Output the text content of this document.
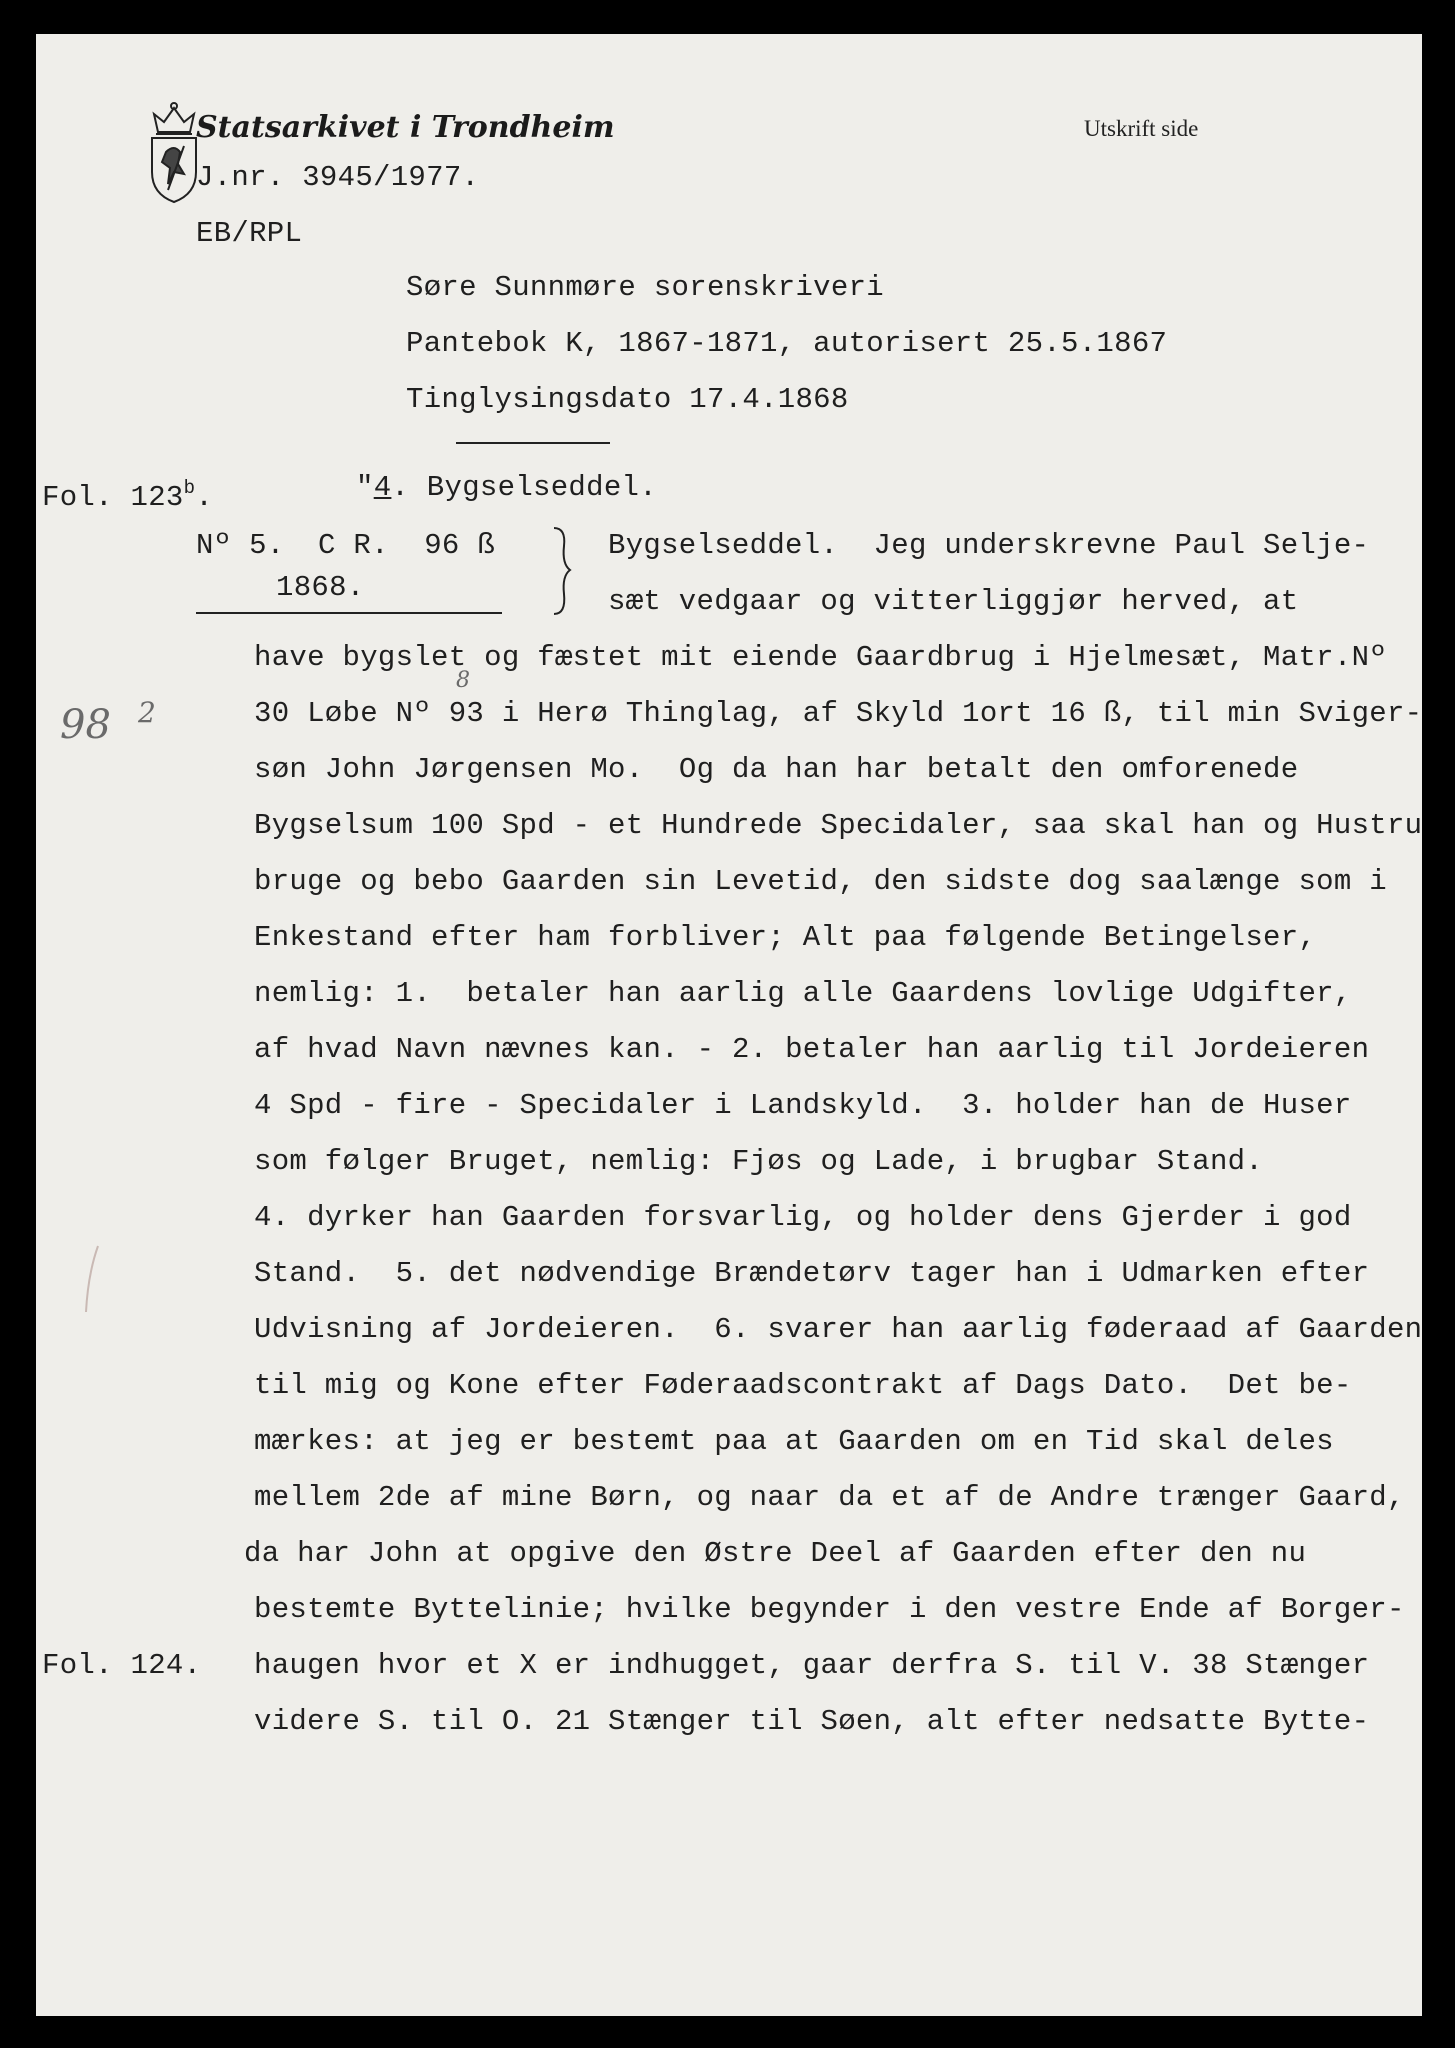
Statsarkivet i Trondheim	Utskrift side
J.nr. 3945/1977.
EB/RPL
Søre Sunnmøre sorenskriveri
Pantebok K, 1867-1871, autorisert 25.5.1867
Tinglysingsdato 17.4.1868
Fol. 123$^b$.	"4. Bygselseddel.
Nº 5. C R.  96 ß
1868.
Bygselseddel.  Jeg underskrevne Paul Selje-
sæt vedgaar og vitterliggjør herved, at
have bygslet og fæstet mit eiende Gaardbrug i Hjelmesæt, Matr.Nº
30 Løbe Nº 93 i Herø Thinglag, af Skyld 1ort 16 ß, til min Sviger-
søn John Jørgensen Mo.  Og da han har betalt den omforenede
Bygselsum 100 Spd - et Hundrede Specidaler, saa skal han og Hustru
bruge og bebo Gaarden sin Levetid, den sidste dog saalænge som i
Enkestand efter ham forbliver; Alt paa følgende Betingelser,
nemlig: 1.  betaler han aarlig alle Gaardens lovlige Udgifter,
af hvad Navn nævnes kan. - 2. betaler han aarlig til Jordeieren
4 Spd - fire - Specidaler i Landskyld.  3. holder han de Huser
som følger Bruget, nemlig: Fjøs og Lade, i brugbar Stand.
4. dyrker han Gaarden forsvarlig, og holder dens Gjerder i god
Stand.  5. det nødvendige Brændetørv tager han i Udmarken efter
Udvisning af Jordeieren.  6. svarer han aarlig føderaad af Gaarden
til mig og Kone efter Føderaadscontrakt af Dags Dato.  Det be-
mærkes: at jeg er bestemt paa at Gaarden om en Tid skal deles
mellem 2de af mine Børn, og naar da et af de Andre trænger Gaard,
da har John at opgive den Østre Deel af Gaarden efter den nu
bestemte Byttelinie; hvilke begynder i den vestre Ende af Borger-
haugen hvor et X er indhugget, gaar derfra S. til V. 38 Stænger
videre S. til O. 21 Stænger til Søen, alt efter nedsatte Bytte-
8
98 2
Fol. 124.
